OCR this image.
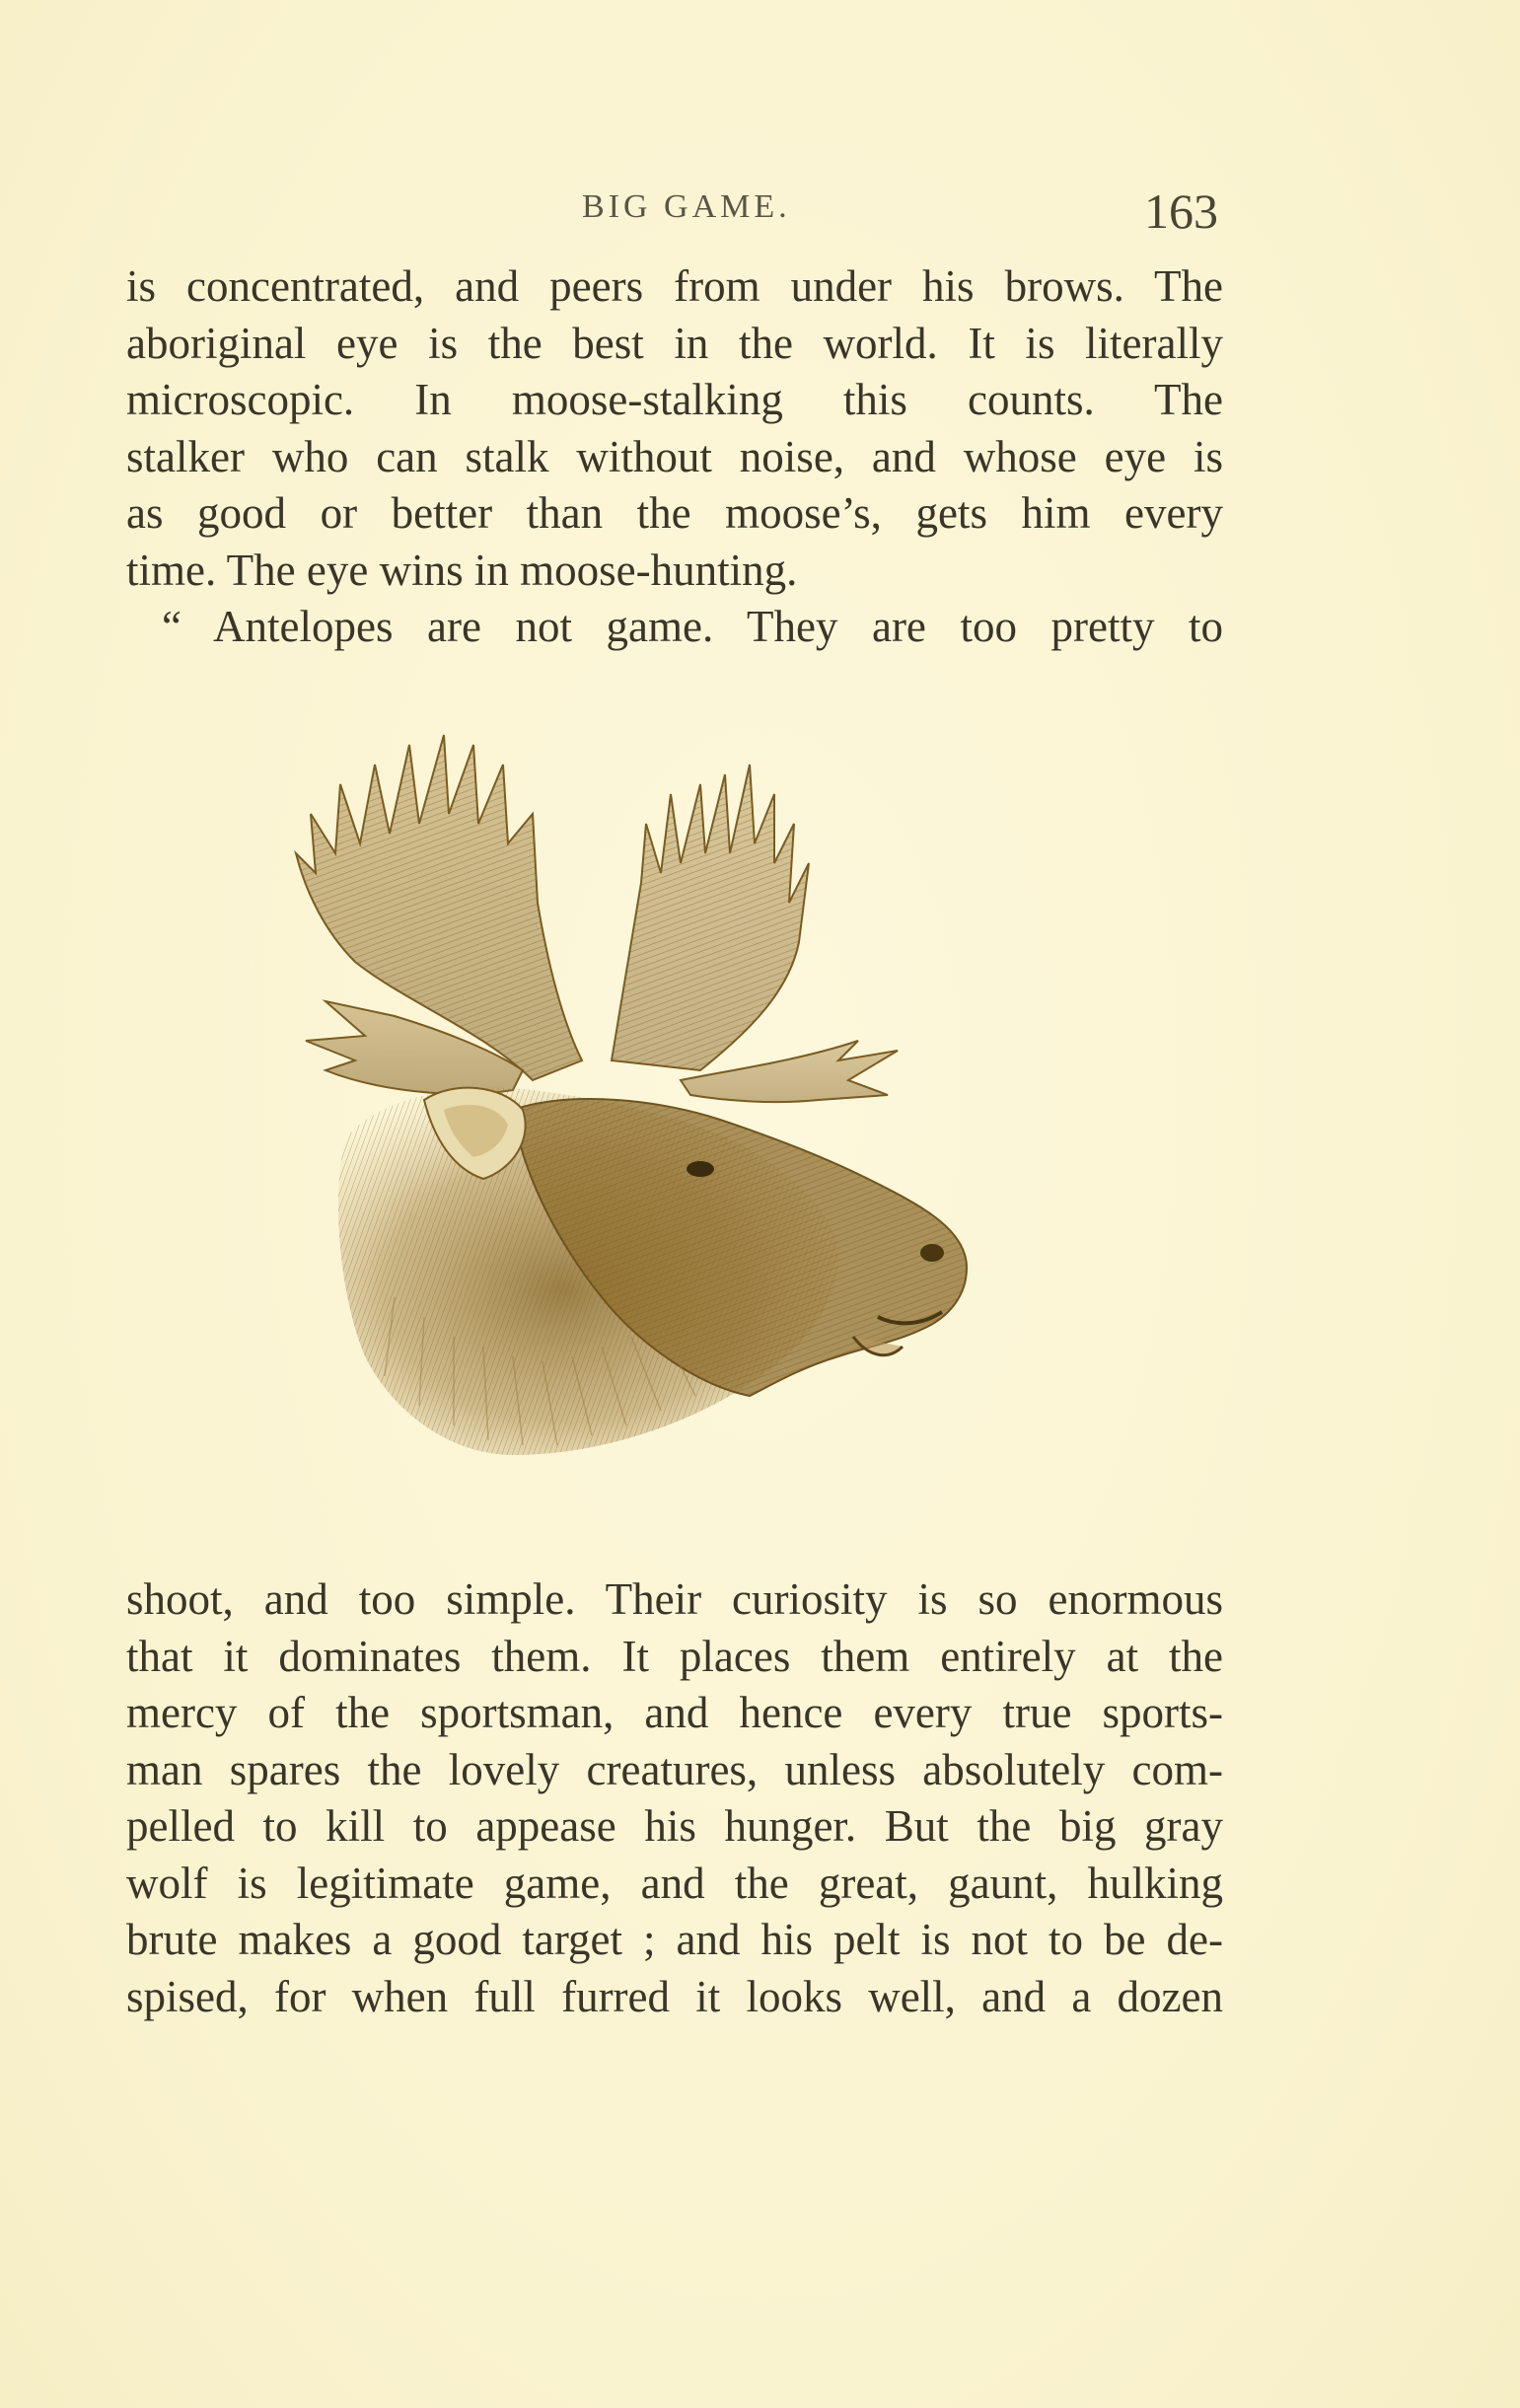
BIG GAME.	163
is concentrated, and peers from under his brows. The
aboriginal eye is the best in the world. It is literally
microscopic. In moose-stalking this counts. The
stalker who can stalk without noise, and whose eye is
as good or better than the moose’s, gets him every
time. The eye wins in moose-hunting.
“ Antelopes are not game. They are too pretty to
shoot, and too simple. Their curiosity is so enormous
that it dominates them. It places them entirely at the
mercy of the sportsman, and hence every true sports-
man spares the lovely creatures, unless absolutely com-
pelled to kill to appease his hunger. But the big gray
wolf is legitimate game, and the great, gaunt, hulking
brute makes a good target ; and his pelt is not to be de-
spised, for when full furred it looks well, and a dozen
